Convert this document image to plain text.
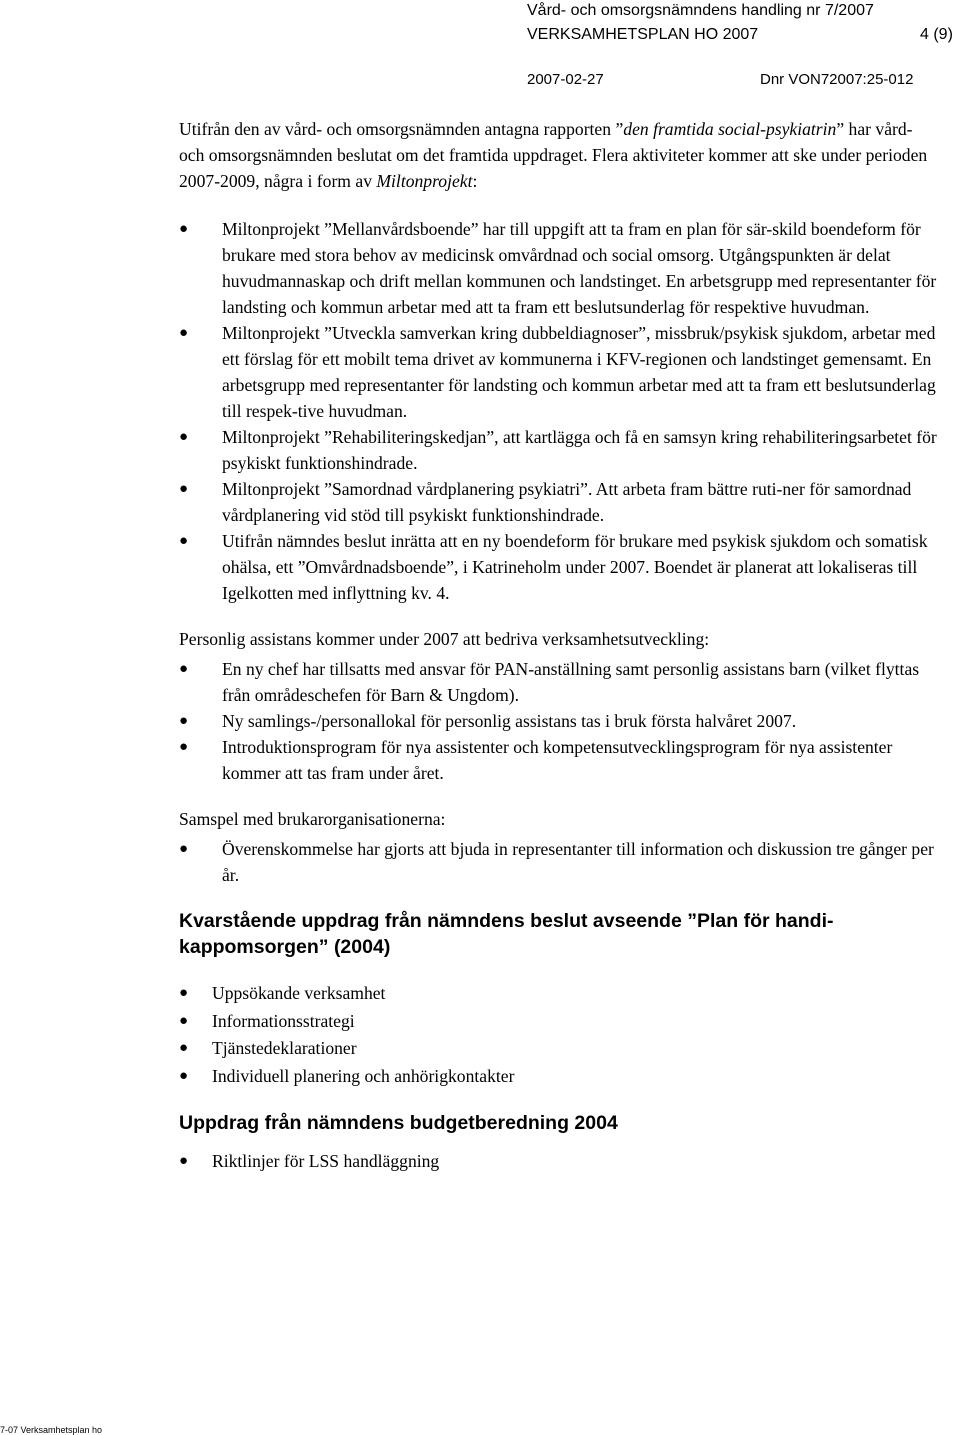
Vård- och omsorgsnämndens handling nr 7/2007
VERKSAMHETSPLAN HO 2007	4 (9)
2007-02-27	Dnr VON72007:25-012

Utifrån den av vård- och omsorgsnämnden antagna rapporten ”den framtida social-psykiatrin” har vård- och omsorgsnämnden beslutat om det framtida uppdraget. Flera aktiviteter kommer att ske under perioden 2007-2009, några i form av Miltonprojekt:

●	Miltonprojekt ”Mellanvårdsboende” har till uppgift att ta fram en plan för sär-skild boendeform för brukare med stora behov av medicinsk omvårdnad och social omsorg. Utgångspunkten är delat huvudmannaskap och drift mellan kommunen och landstinget. En arbetsgrupp med representanter för landsting och kommun arbetar med att ta fram ett beslutsunderlag för respektive huvudman.
●	Miltonprojekt ”Utveckla samverkan kring dubbeldiagnoser”, missbruk/psykisk sjukdom, arbetar med ett förslag för ett mobilt tema drivet av kommunerna i KFV-regionen och landstinget gemensamt. En arbetsgrupp med representanter för landsting och kommun arbetar med att ta fram ett beslutsunderlag till respek-tive huvudman.
●	Miltonprojekt ”Rehabiliteringskedjan”, att kartlägga och få en samsyn kring rehabiliteringsarbetet för psykiskt funktionshindrade.
●	Miltonprojekt ”Samordnad vårdplanering psykiatri”. Att arbeta fram bättre ruti-ner för samordnad vårdplanering vid stöd till psykiskt funktionshindrade.
●	Utifrån nämndes beslut inrätta att en ny boendeform för brukare med psykisk sjukdom och somatisk ohälsa, ett ”Omvårdnadsboende”, i Katrineholm under 2007. Boendet är planerat att lokaliseras till Igelkotten med inflyttning kv. 4.

Personlig assistans kommer under 2007 att bedriva verksamhetsutveckling:

●	En ny chef har tillsatts med ansvar för PAN-anställning samt personlig assistans barn (vilket flyttas från områdeschefen för Barn & Ungdom).
●	Ny samlings-/personallokal för personlig assistans tas i bruk första halvåret 2007.
●	Introduktionsprogram för nya assistenter och kompetensutvecklingsprogram för nya assistenter kommer att tas fram under året.

Samspel med brukarorganisationerna:

●	Överenskommelse har gjorts att bjuda in representanter till information och diskussion tre gånger per år.
Kvarstående uppdrag från nämndens beslut avseende ”Plan för handi-kappomsorgen” (2004)
●	Uppsökande verksamhet
●	Informationsstrategi
●	Tjänstedeklarationer
●	Individuell planering och anhörigkontakter
Uppdrag från nämndens budgetberedning 2004
●	Riktlinjer för LSS handläggning
7-07 Verksamhetsplan ho
